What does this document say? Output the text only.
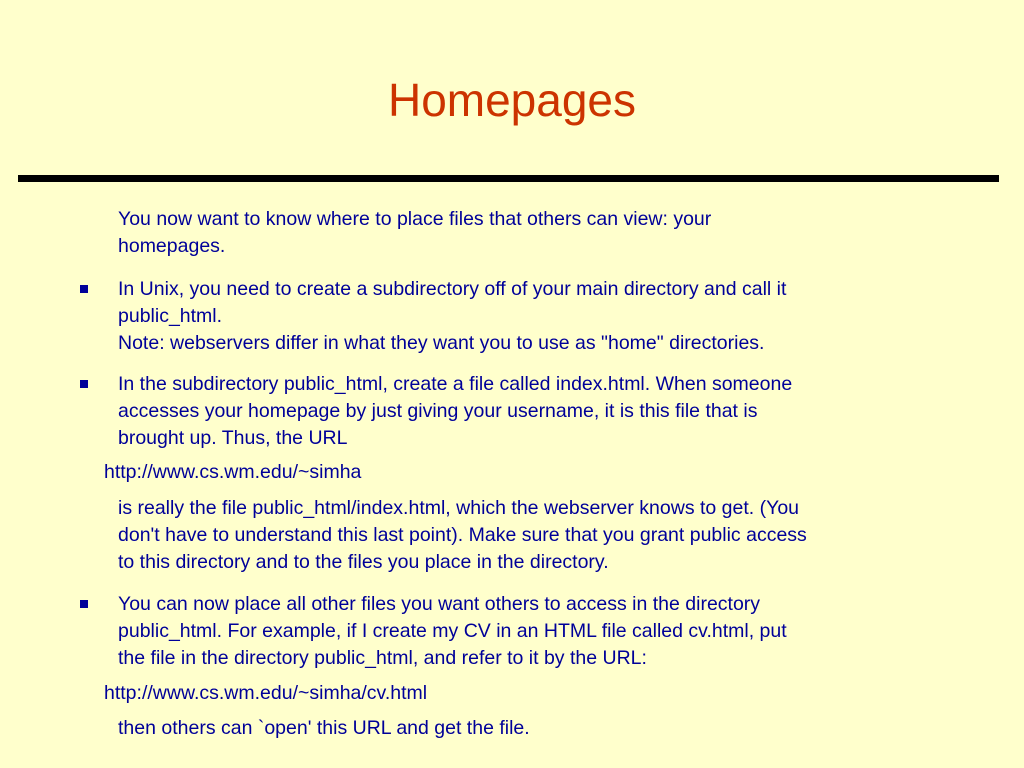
Homepages

You now want to know where to place files that others can view: your
homepages.

In Unix, you need to create a subdirectory off of your main directory and call it
public_html.
Note: webservers differ in what they want you to use as "home" directories.

In the subdirectory public_html, create a file called index.html. When someone
accesses your homepage by just giving your username, it is this file that is
brought up. Thus, the URL

http://www.cs.wm.edu/~simha

is really the file public_html/index.html, which the webserver knows to get. (You
don't have to understand this last point). Make sure that you grant public access
to this directory and to the files you place in the directory.

You can now place all other files you want others to access in the directory
public_html. For example, if I create my CV in an HTML file called cv.html, put
the file in the directory public_html, and refer to it by the URL:

http://www.cs.wm.edu/~simha/cv.html

then others can `open' this URL and get the file.
